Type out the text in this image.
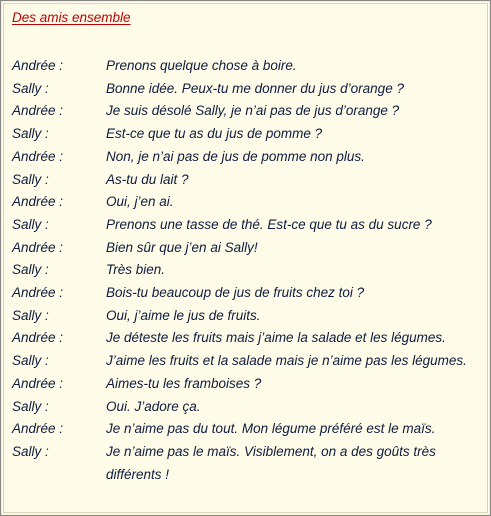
Des amis ensemble
Andrée :	Prenons quelque chose à boire.
Sally :	Bonne idée. Peux-tu me donner du jus d’orange ?
Andrée :	Je suis désolé Sally, je n’ai pas de jus d’orange ?
Sally :	Est-ce que tu as du jus de pomme ?
Andrée :	Non, je n’ai pas de jus de pomme non plus.
Sally :	As-tu du lait ?
Andrée :	Oui, j’en ai.
Sally :	Prenons une tasse de thé. Est-ce que tu as du sucre ?
Andrée :	Bien sûr que j’en ai Sally!
Sally :	Très bien.
Andrée :	Bois-tu beaucoup de jus de fruits chez toi ?
Sally :	Oui, j’aime le jus de fruits.
Andrée :	Je déteste les fruits mais j’aime la salade et les légumes.
Sally :	J’aime les fruits et la salade mais je n’aime pas les légumes.
Andrée :	Aimes-tu les framboises ?
Sally :	Oui. J’adore ça.
Andrée :	Je n’aime pas du tout. Mon légume préféré est le maïs.
Sally :	Je n’aime pas le maïs. Visiblement, on a des goûts très différents !
